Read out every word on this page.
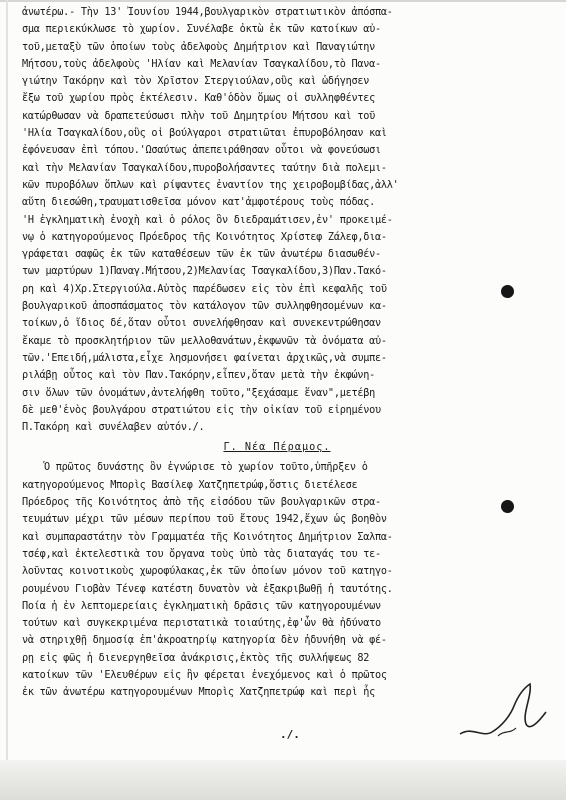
ἀνωτέρω.- Τὴν 13' Ἰουνίου 1944,βουλγαρικὸν στρατιωτικὸν ἀπόσπα-
σμα περιεκύκλωσε τὸ χωρίον. Συνέλαβε ὀκτὼ ἐκ τῶν κατοίκων αὐ-
τοῦ,μεταξὺ τῶν ὁποίων τοὺς ἀδελφοὺς Δημήτριον καὶ Παναγιώτην
Μήτσου,τοὺς ἀδελφοὺς 'Ηλίαν καὶ Μελανίαν Τσαγκαλίδου,τὸ Πανα-
γιώτην Τακόρην καὶ τὸν Χρῖστον Στεργιούλαν,οὓς καὶ ὡδήγησεν
ἔξω τοῦ χωρίου πρὸς ἐκτέλεσιν. Καθ'ὁδὸν ὅμως οἱ συλληφθέντες
κατώρθωσαν νὰ δραπετεύσωσι πλὴν τοῦ Δημητρίου Μήτσου καὶ τοῦ
'Ηλία Τσαγκαλίδου,οὓς οἱ βούλγαροι στρατιῶται ἐπυροβόλησαν καὶ
ἐφόνευσαν ἐπὶ τόπου.'Ωσαύτως ἀπεπειράθησαν οὗτοι νὰ φονεύσωσι
καὶ τὴν Μελανίαν Τσαγκαλίδου,πυροβολήσαντες ταύτην διὰ πολεμι-
κῶν πυροβόλων ὅπλων καὶ ρίψαντες ἐναντίον της χειροβομβίδας,ἀλλ'
αὕτη διεσώθη,τραυματισθεῖσα μόνον κατ'ἀμφοτέρους τοὺς πόδας.
'Η ἐγκληματικὴ ἐνοχὴ καὶ ὁ ρόλος ὃν διεδραμάτισεν,ἐν' προκειμέ-
νῳ ὁ κατηγορούμενος Πρόεδρος τῆς Κοινότητος Χρίστεφ Ζάλεφ,δια-
γράφεται σαφῶς ἐκ τῶν καταθέσεων τῶν ἐκ τῶν ἀνωτέρω διασωθέν-
των μαρτύρων 1)Παναγ.Μήτσου,2)Μελανίας Τσαγκαλίδου,3)Παν.Τακό-
ρη καὶ 4)Χρ.Στεργιούλα.Αὐτὸς παρέδωσεν εἰς τὸν ἐπὶ κεφαλῆς τοῦ
βουλγαρικοῦ ἀποσπάσματος τὸν κατάλογον τῶν συλληφθησομένων κα-
τοίκων,ὁ ἴδιος δέ,ὅταν οὗτοι συνελήφθησαν καὶ συνεκεντρώθησαν
ἔκαμε τὸ προσκλητήριον τῶν μελλοθανάτων,ἐκφωνῶν τὰ ὀνόματα αὐ-
τῶν.'Επειδή,μάλιστα,εἶχε λησμονήσει φαίνεται ἀρχικῶς,νὰ συμπε-
ριλάβῃ οὗτος καὶ τὸν Παν.Τακόρην,εἶπεν,ὅταν μετὰ τὴν ἐκφώνη-
σιν ὅλων τῶν ὀνομάτων,ἀντελήφθη τοῦτο,"ξεχάσαμε ἕναν",μετέβη
δὲ μεθ'ἑνὸς βουλγάρου στρατιώτου εἰς τὴν οἰκίαν τοῦ εἰρημένου
Π.Τακόρη καὶ συνέλαβεν αὐτόν./.
Γ. Νέα Πέραμος.
Ὁ πρῶτος δυνάστης ὃν ἐγνώρισε τὸ χωρίον τοῦτο,ὑπῆρξεν ὁ
κατηγορούμενος Μπορὶς Βασίλεφ Χατζηπετρώφ,ὅστις διετέλεσε
Πρόεδρος τῆς Κοινότητος ἀπὸ τῆς εἰσόδου τῶν βουλγαρικῶν στρα-
τευμάτων μέχρι τῶν μέσων περίπου τοῦ ἔτους 1942,ἔχων ὡς βοηθὸν
καὶ συμπαραστάτην τὸν Γραμματέα τῆς Κοινότητος Δημήτριον Σαλπα-
τσέφ,καὶ ἐκτελεστικὰ του ὄργανα τοὺς ὑπὸ τὰς διαταγάς του τε-
λοῦντας κοινοτικοὺς χωροφύλακας,ἐκ τῶν ὁποίων μόνον τοῦ κατηγο-
ρουμένου Γιοβὰν Τένεφ κατέστη δυνατὸν νὰ ἐξακριβωθῇ ἡ ταυτότης.
Ποία ἡ ἐν λεπτομερείαις ἐγκληματικὴ δρᾶσις τῶν κατηγορουμένων
τούτων καὶ συγκεκριμένα περιστατικὰ τοιαύτης,ἐφ'ὧν θὰ ἠδύνατο
νὰ στηριχθῇ δημοσίᾳ ἐπ'ἀκροατηρίῳ κατηγορία δὲν ἠδυνήθη νὰ φέ-
ρῃ εἰς φῶς ἡ διενεργηθεῖσα ἀνάκρισις,ἐκτὸς τῆς συλλήψεως 82
κατοίκων τῶν 'Ελευθέρων εἰς ἣν φέρεται ἐνεχόμενος καὶ ὁ πρῶτος
ἐκ τῶν ἀνωτέρω κατηγορουμένων Μπορὶς Χατζηπετρώφ καὶ περὶ ἧς
./.
